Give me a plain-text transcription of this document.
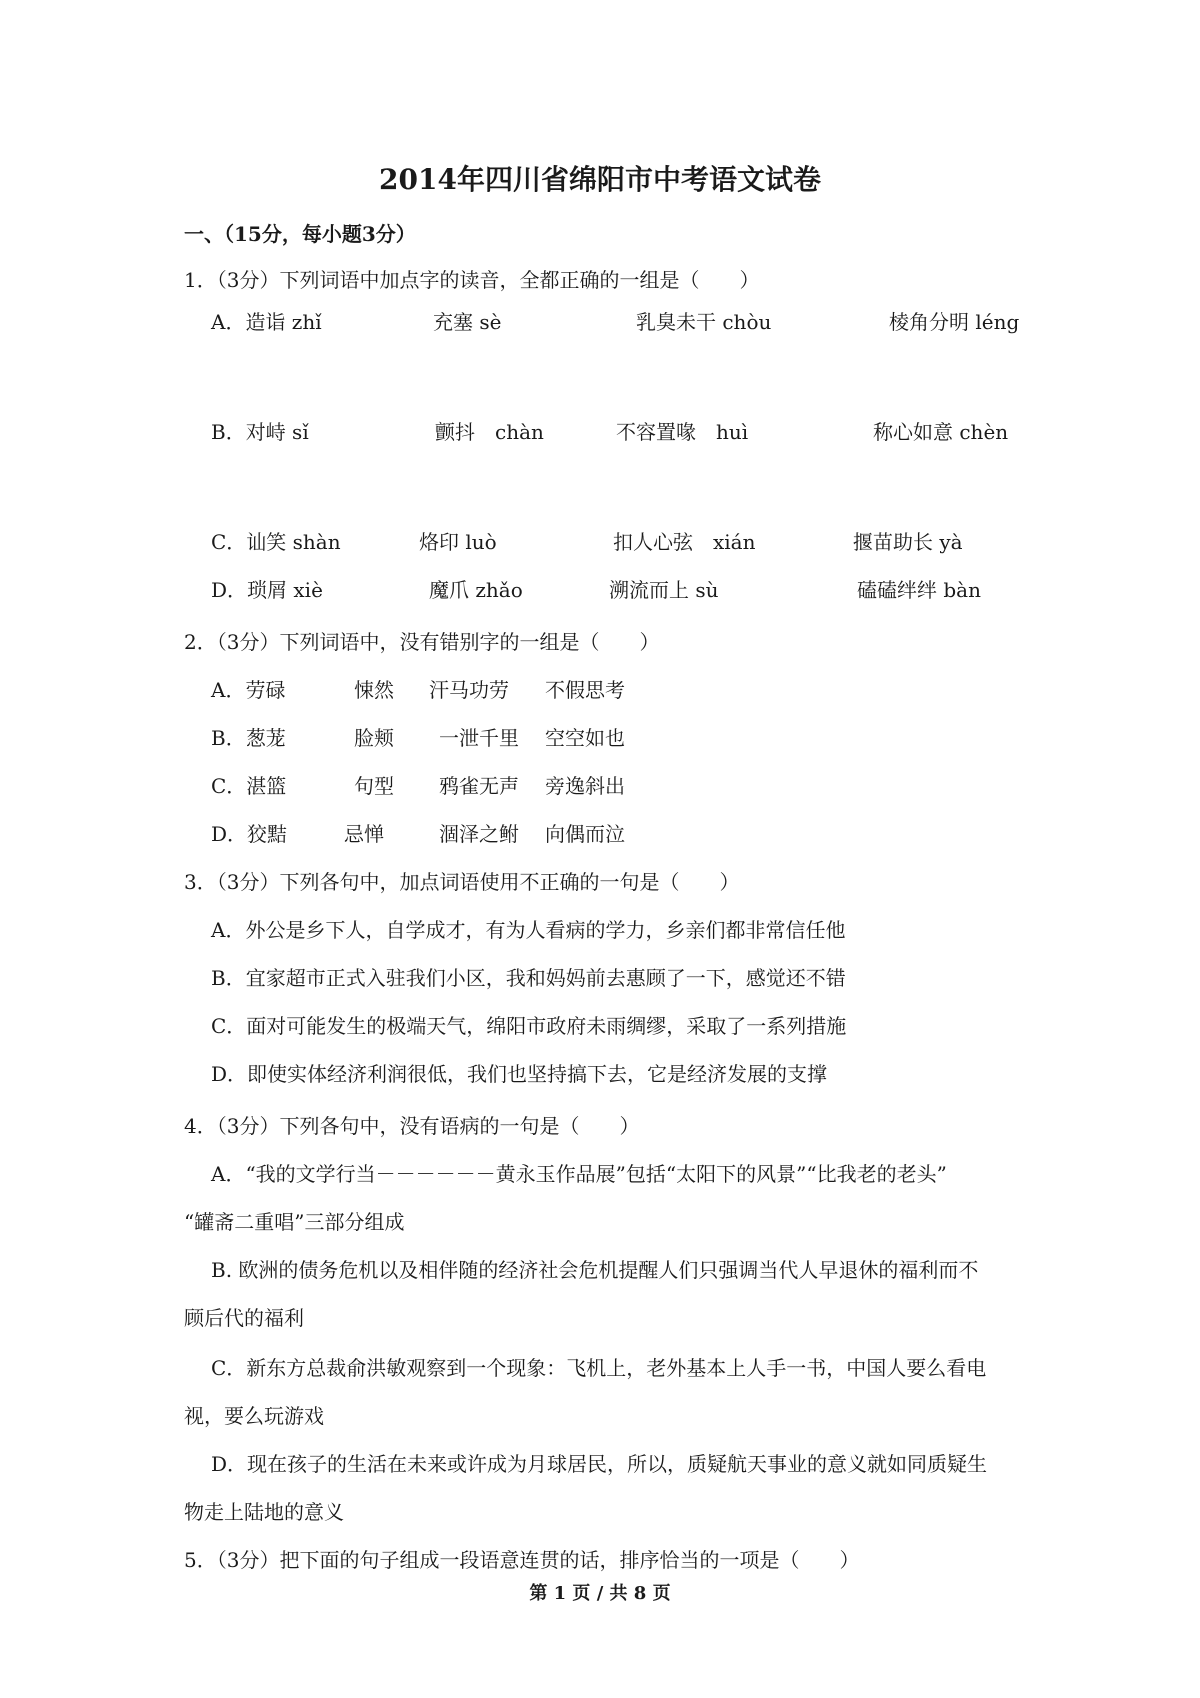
2014年四川省绵阳市中考语文试卷
一、（15分，每小题3分）
1．（3分）下列词语中加点字的读音，全都正确的一组是（　　）
A．造诣 zhǐ	充塞 sè	乳臭未干 chòu	棱角分明 léng
B．对峙 sǐ	颤抖　chàn	不容置喙　huì	称心如意 chèn
C．讪笑 shàn	烙印 luò	扣人心弦　xián	揠苗助长 yà
D．琐屑 xiè	魔爪 zhǎo	溯流而上 sù	磕磕绊绊 bàn
2．（3分）下列词语中，没有错别字的一组是（　　）
A．劳碌	悚然 汗马功劳 不假思考
B．葱茏	脸颊 一泄千里 空空如也
C．湛篮	句型 鸦雀无声 旁逸斜出
D．狡黠	忌惮	涸泽之鲋 向偶而泣
3．（3分）下列各句中，加点词语使用不正确的一句是（　　）
A．外公是乡下人，自学成才，有为人看病的学力，乡亲们都非常信任他
B．宜家超市正式入驻我们小区，我和妈妈前去惠顾了一下，感觉还不错
C．面对可能发生的极端天气，绵阳市政府未雨绸缪，采取了一系列措施
D．即使实体经济利润很低，我们也坚持搞下去，它是经济发展的支撑
4．（3分）下列各句中，没有语病的一句是（　　）
A．“我的文学行当－－－－－－黄永玉作品展”包括“太阳下的风景”“比我老的老头”
“罐斋二重唱”三部分组成
B. 欧洲的债务危机以及相伴随的经济社会危机提醒人们只强调当代人早退休的福利而不
顾后代的福利
C．新东方总裁俞洪敏观察到一个现象：飞机上，老外基本上人手一书，中国人要么看电
视，要么玩游戏
D．现在孩子的生活在未来或许成为月球居民，所以，质疑航天事业的意义就如同质疑生
物走上陆地的意义
5．（3分）把下面的句子组成一段语意连贯的话，排序恰当的一项是（　　）
第 1 页 / 共 8 页
